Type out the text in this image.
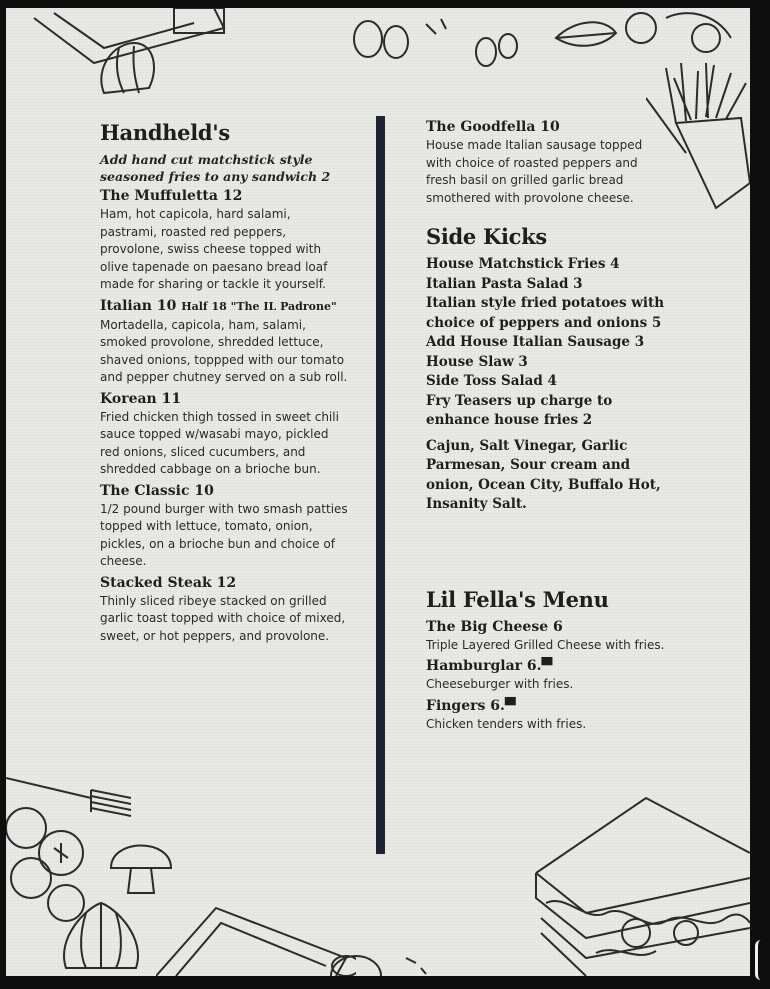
Handheld's
Add hand cut matchstick style seasoned fries to any sandwich 2
The Muffuletta 12
Ham, hot capicola, hard salami, pastrami, roasted red peppers, provolone, swiss cheese topped with olive tapenade on paesano bread loaf made for sharing or tackle it yourself.
Italian 10 Half 18 "The IL Padrone"
Mortadella, capicola, ham, salami, smoked provolone, shredded lettuce, shaved onions, toppped with our tomato and pepper chutney served on a sub roll.
Korean 11
Fried chicken thigh tossed in sweet chili sauce topped w/wasabi mayo, pickled red onions, sliced cucumbers, and shredded cabbage on a brioche bun.
The Classic 10
1/2 pound burger with two smash patties topped with lettuce, tomato, onion, pickles, on a brioche bun and choice of cheese.
Stacked Steak 12
Thinly sliced ribeye stacked on grilled garlic toast topped with choice of mixed, sweet, or hot peppers, and provolone.
The Goodfella 10
House made Italian sausage topped with choice of roasted peppers and fresh basil on grilled garlic bread smothered with provolone cheese.
Side Kicks
House Matchstick Fries 4
Italian Pasta Salad 3
Italian style fried potatoes with choice of peppers and onions 5
Add House Italian Sausage 3
House Slaw 3
Side Toss Salad 4
Fry Teasers up charge to enhance house fries 2
Cajun, Salt Vinegar, Garlic Parmesan, Sour cream and onion, Ocean City, Buffalo Hot, Insanity Salt.
Lil Fella's Menu
The Big Cheese 6
Triple Layered Grilled Cheese with fries.
Hamburglar 6.▀
Cheeseburger with fries.
Fingers 6.▀
Chicken tenders with fries.
